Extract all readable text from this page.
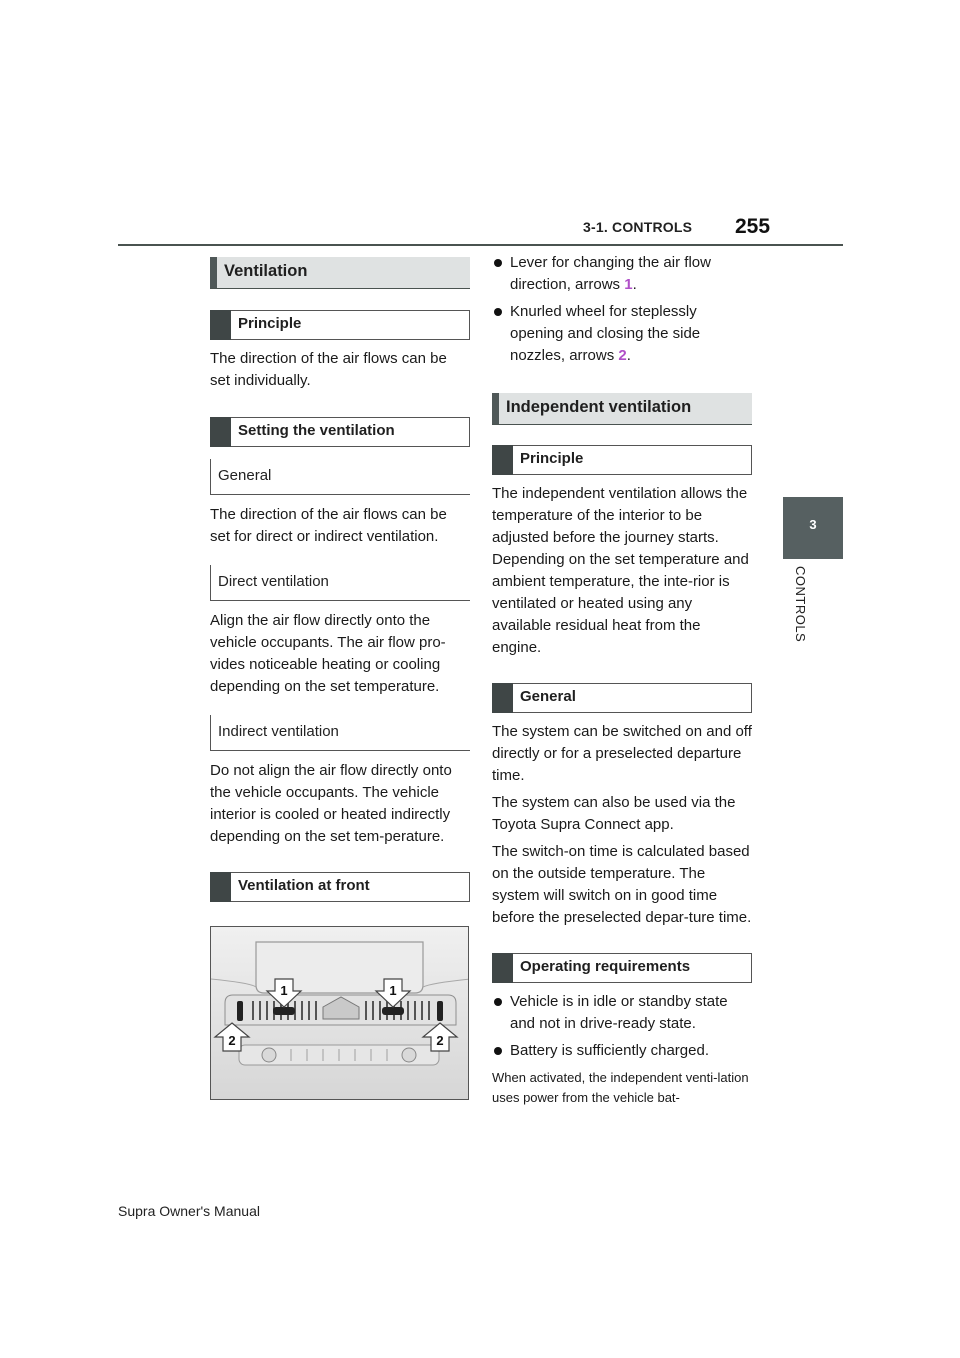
3-1. CONTROLS 255
3
CONTROLS
Ventilation
Principle

The direction of the air flows can be set individually.

Setting the ventilation
General

The direction of the air flows can be set for direct or indirect ventilation.

Direct ventilation

Align the air flow directly onto the vehicle occupants. The air flow pro-vides noticeable heating or cooling depending on the set temperature.

Indirect ventilation

Do not align the air flow directly onto the vehicle occupants. The vehicle interior is cooled or heated indirectly depending on the set tem-perature.

Ventilation at front
1	1
2	2
Lever for changing the air flow direction, arrows 1.
Knurled wheel for steplessly opening and closing the side nozzles, arrows 2.
Independent ventilation
Principle

The independent ventilation allows the temperature of the interior to be adjusted before the journey starts. Depending on the set temperature and ambient temperature, the inte-rior is ventilated or heated using any available residual heat from the engine.

General

The system can be switched on and off directly or for a preselected departure time.

The system can also be used via the Toyota Supra Connect app.

The switch-on time is calculated based on the outside temperature. The system will switch on in good time before the preselected depar-ture time.

Operating requirements
Vehicle is in idle or standby state and not in drive-ready state.
Battery is sufficiently charged.

When activated, the independent venti-lation uses power from the vehicle bat-

Supra Owner's Manual
